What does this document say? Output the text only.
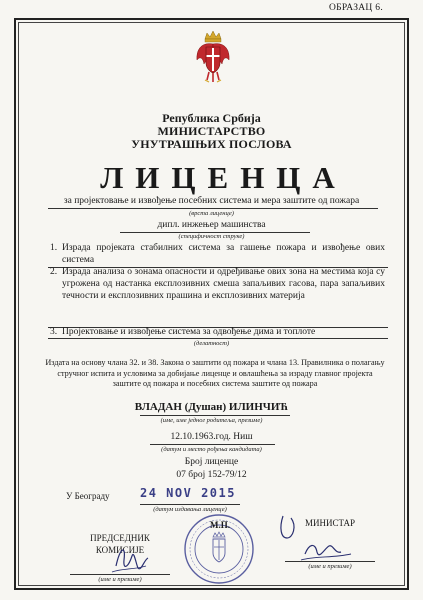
ОБРАЗАЦ 6.
Република Србија
МИНИСТАРСТВО
УНУТРАШЊИХ ПОСЛОВА
ЛИЦЕНЦА
за пројектовање и извођење посебних система и мера заштите од пожара
(врста лиценце)
дипл. инжењер машинства
(специфичност струке)
1. Израда пројеката стабилних система за гашење пожара и извођење ових система
2. Израда анализа о зонама опасности и одређивање ових зона на местима која су угрожена од настанка експлозивних смеша запаљивих гасова, пара запаљивих течности и експлозивних прашина и експлозивних материја
3. Пројектовање и извођење система за одвођење дима и топлоте
(делатност)
Издата на основу члана 32. и 38. Закона о заштити од пожара и члана 13. Правилника о полагању стручног испита и условима за добијање лиценце и овлашћења за израду главног пројекта заштите од пожара и посебних система заштите од пожара
ВЛАДАН (Душан) ИЛИНЧИЋ
(име, име једног родитеља, презиме)
12.10.1963.год. Ниш
(датум и место рођења кандидата)
Број лиценце
07 број 152-79/12
У Београду	24 NOV 2015
(датум издавања лиценце)
ПРЕДСЕДНИК
КОМИСИЈЕ
(име и презиме)
М.П.	МИНИСТАР
(име и презиме)
